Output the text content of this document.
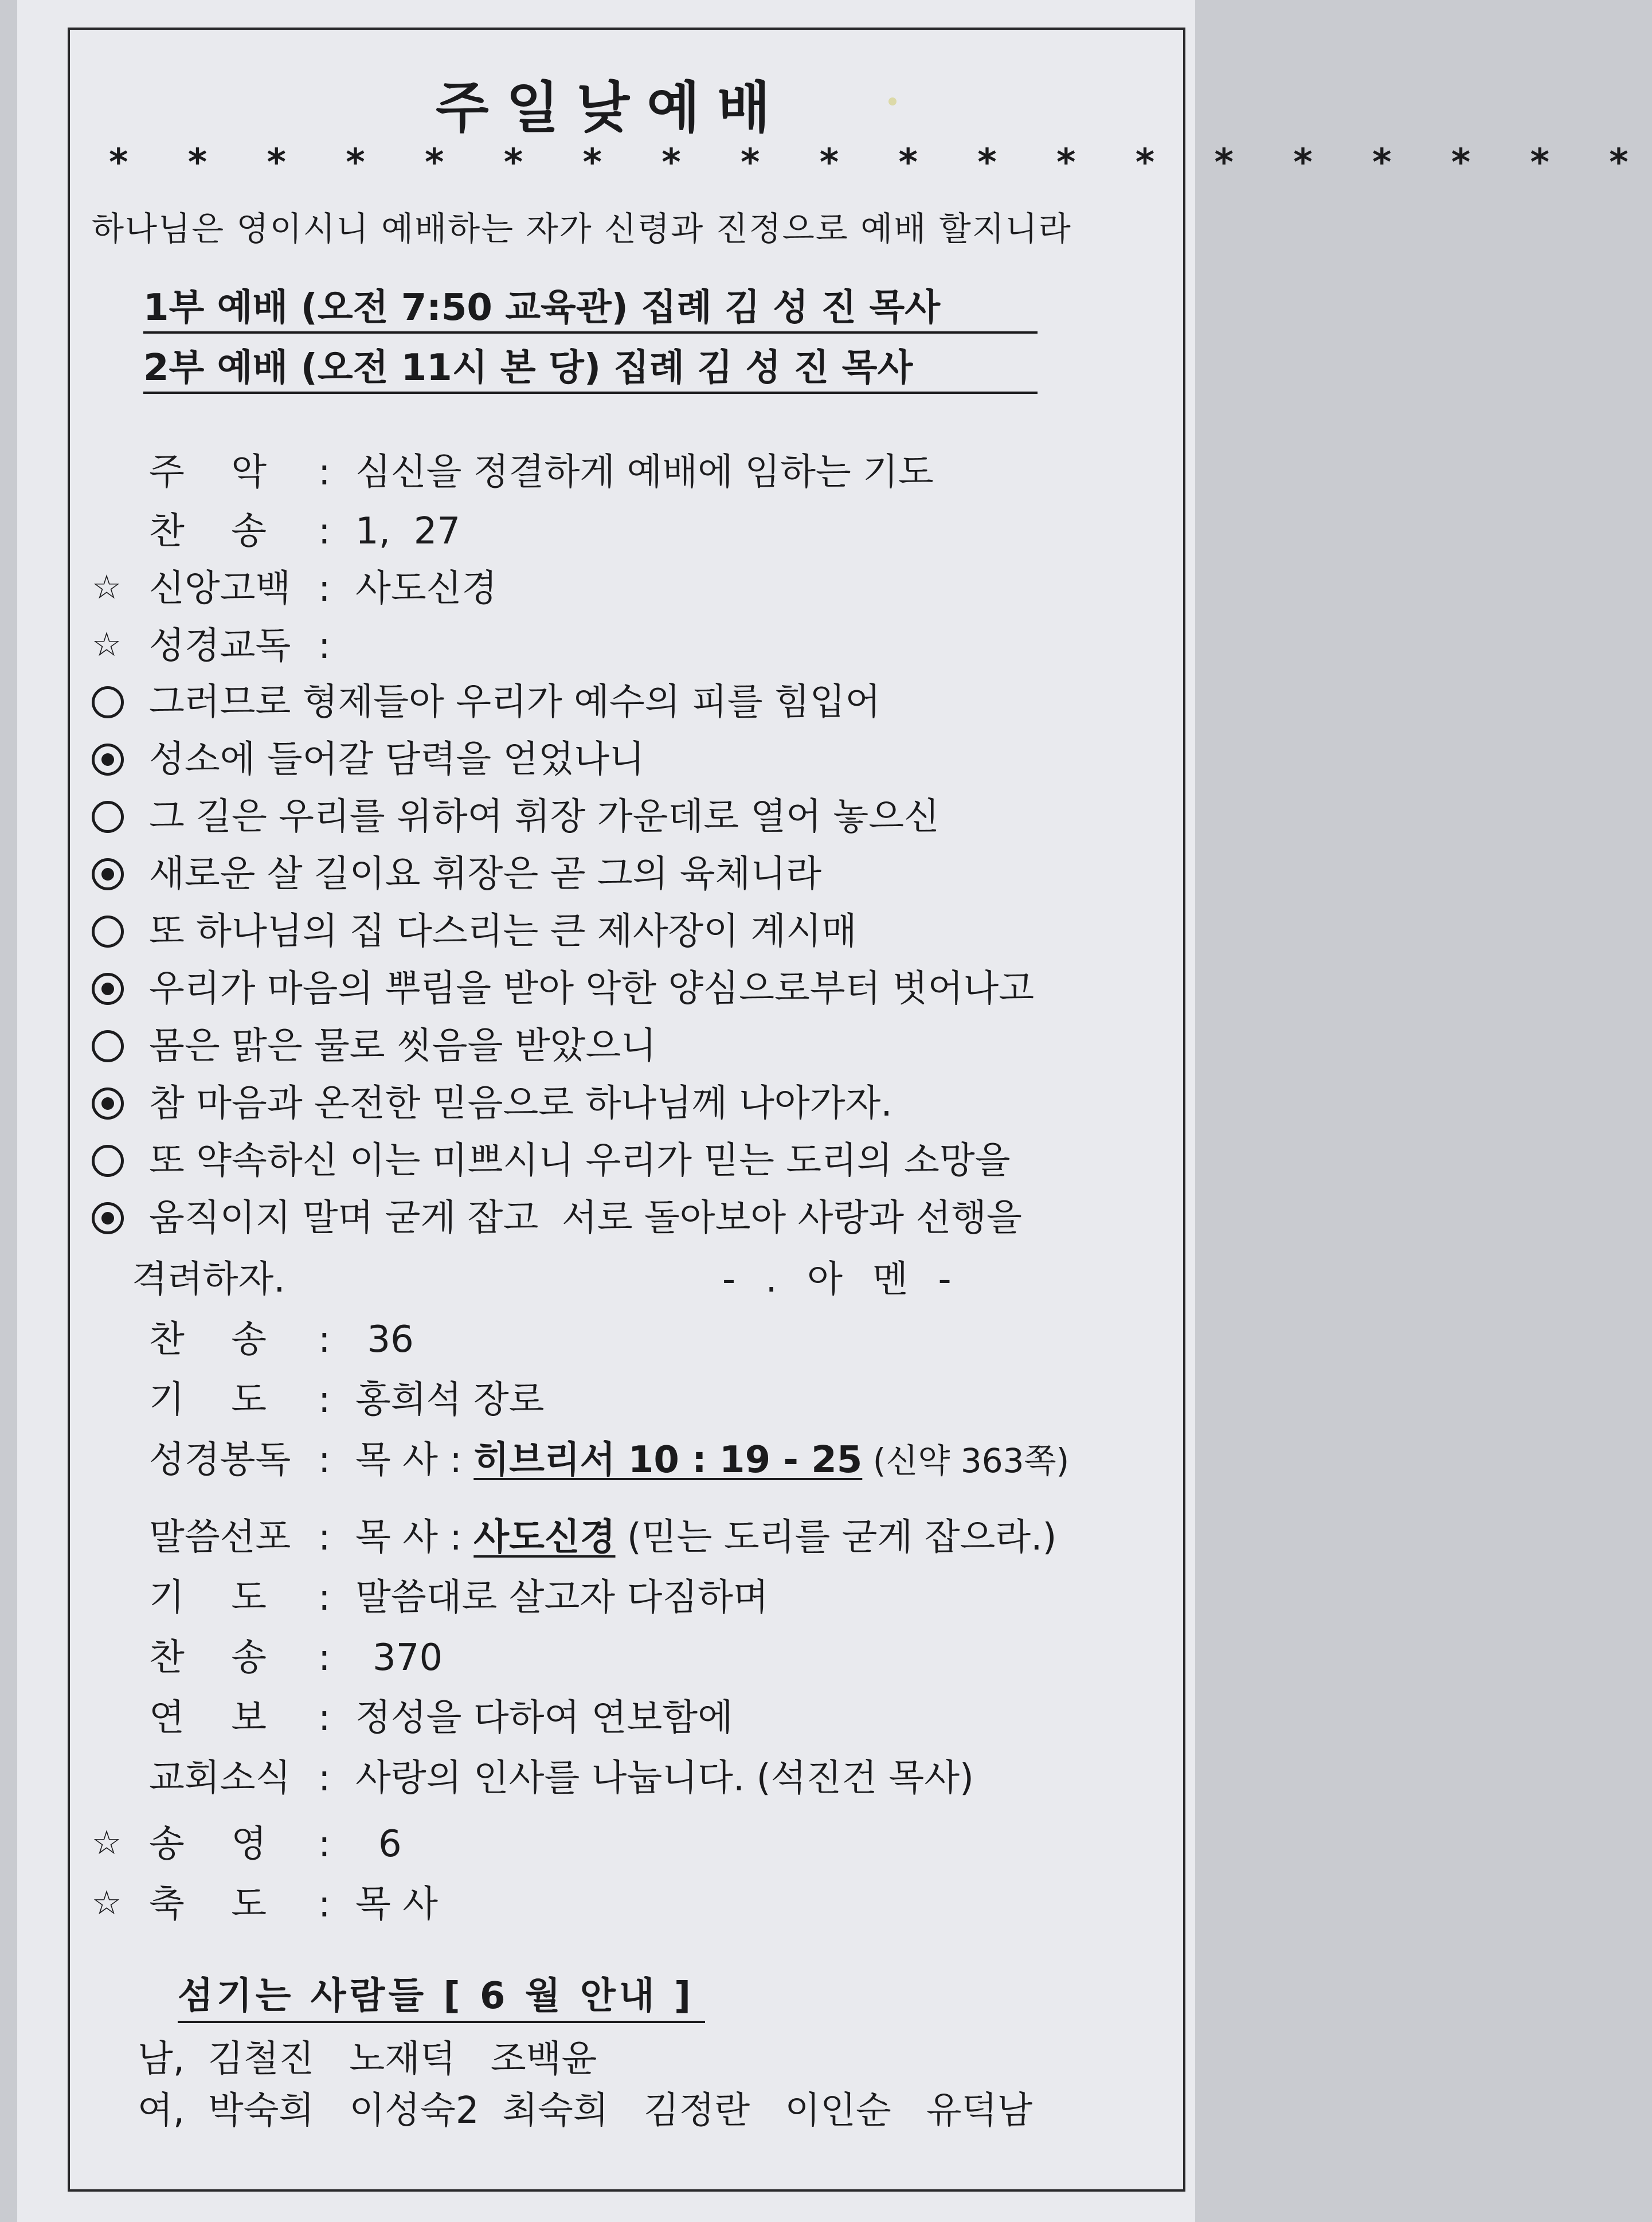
주일낮예배
* * * * * * * * * * * * * * * * * * * *
하나님은 영이시니 예배하는 자가 신령과 진정으로 예배 할지니라
1부 예배 (오전 7:50 교육관) 집례 김 성 진 목사
2부 예배 (오전 11시 본 당) 집례 김 성 진 목사
주    악 : 심신을 정결하게 예배에 임하는 기도
찬    송 : 1,  27
☆ 신앙고백 : 사도신경
☆ 성경교독 :
그러므로 형제들아 우리가 예수의 피를 힘입어
성소에 들어갈 담력을 얻었나니
그 길은 우리를 위하여 휘장 가운데로 열어 놓으신
새로운 살 길이요 휘장은 곧 그의 육체니라
또 하나님의 집 다스리는 큰 제사장이 계시매
우리가 마음의 뿌림을 받아 악한 양심으로부터 벗어나고
몸은 맑은 물로 씻음을 받았으니
참 마음과 온전한 믿음으로 하나님께 나아가자.
또 약속하신 이는 미쁘시니 우리가 믿는 도리의 소망을
움직이지 말며 굳게 잡고  서로 돌아보아 사랑과 선행을
격려하자.	- . 아 멘 -
찬    송 : 36
기    도 : 홍희석 장로
성경봉독 : 목 사 : 히브리서 10 : 19 - 25 (신약 363쪽)
말씀선포 : 목 사 : 사도신경 (믿는 도리를 굳게 잡으라.)
기    도 : 말씀대로 살고자 다짐하며
찬    송 : 370
연    보 : 정성을 다하여 연보함에
교회소식 : 사랑의 인사를 나눕니다. (석진건 목사)
☆ 송    영 : 6
☆ 축    도 : 목 사
섬기는 사람들 [ 6 월 안내 ]
남,  김철진   노재덕   조백윤
여,  박숙희   이성숙2  최숙희   김정란   이인순   유덕남
